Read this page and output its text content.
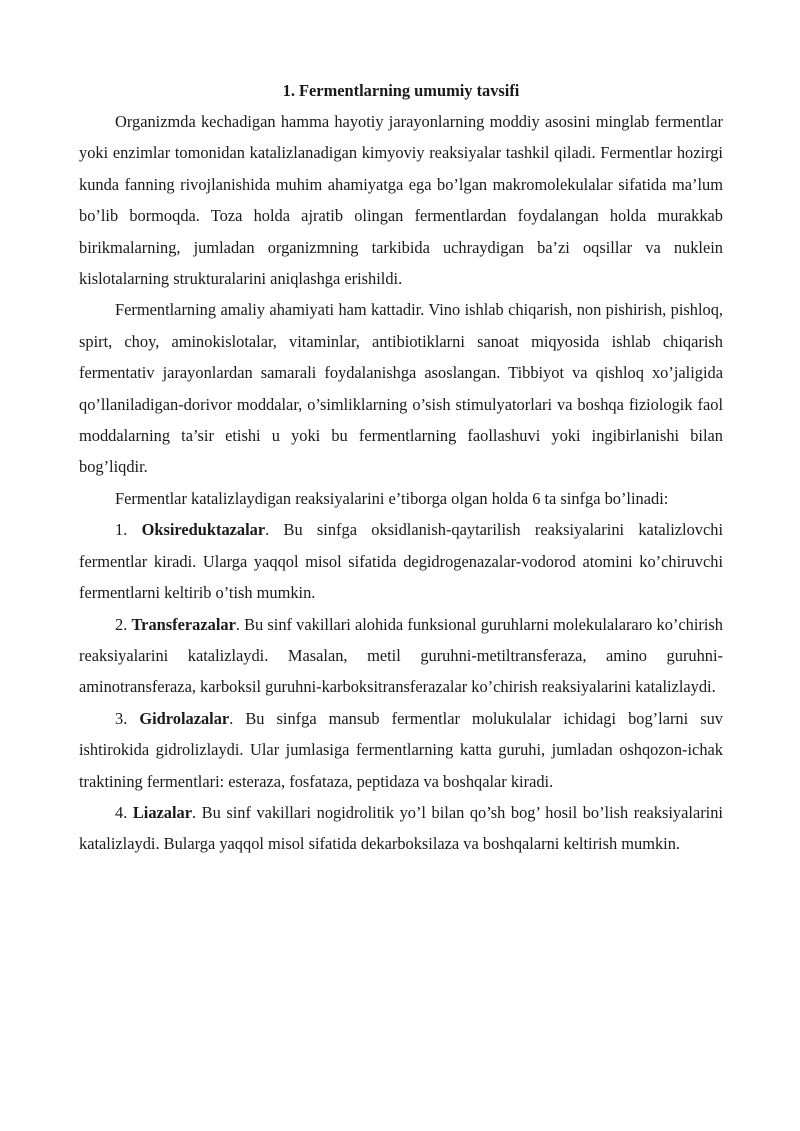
1. Fermentlarning umumiy tavsifi

Organizmda kechadigan hamma hayotiy jarayonlarning moddiy asosini minglab fermentlar yoki enzimlar tomonidan katalizlanadigan kimyoviy reaksiyalar tashkil qiladi. Fermentlar hozirgi kunda fanning rivojlanishida muhim ahamiyatga ega bo’lgan makromolekulalar sifatida ma’lum bo’lib bormoqda. Toza holda ajratib olingan fermentlardan foydalangan holda murakkab birikmalarning, jumladan organizmning tarkibida uchraydigan ba’zi oqsillar va nuklein kislotalarning strukturalarini aniqlashga erishildi.

Fermentlarning amaliy ahamiyati ham kattadir. Vino ishlab chiqarish, non pishirish, pishloq, spirt, choy, aminokislotalar, vitaminlar, antibiotiklarni sanoat miqyosida ishlab chiqarish fermentativ jarayonlardan samarali foydalanishga asoslangan. Tibbiyot va qishloq xo’jaligida qo’llaniladigan-dorivor moddalar, o’simliklarning o’sish stimulyatorlari va boshqa fiziologik faol moddalarning ta’sir etishi u yoki bu fermentlarning faollashuvi yoki ingibirlanishi bilan bog’liqdir.

Fermentlar katalizlaydigan reaksiyalarini e’tiborga olgan holda 6 ta sinfga bo’linadi:

1. Oksireduktazalar. Bu sinfga oksidlanish-qaytarilish reaksiyalarini katalizlovchi fermentlar kiradi. Ularga yaqqol misol sifatida degidrogenazalar-vodorod atomini ko’chiruvchi fermentlarni keltirib o’tish mumkin.

2. Transferazalar. Bu sinf vakillari alohida funksional guruhlarni molekulalararo ko’chirish reaksiyalarini katalizlaydi. Masalan, metil guruhni-metiltransferaza, amino guruhni-aminotransferaza, karboksil guruhni-karboksitransferazalar ko’chirish reaksiyalarini katalizlaydi.

3. Gidrolazalar. Bu sinfga mansub fermentlar molukulalar ichidagi bog’larni suv ishtirokida gidrolizlaydi. Ular jumlasiga fermentlarning katta guruhi, jumladan oshqozon-ichak traktining fermentlari: esteraza, fosfataza, peptidaza va boshqalar kiradi.

4. Liazalar. Bu sinf vakillari nogidrolitik yo’l bilan qo’sh bog’ hosil bo’lish reaksiyalarini katalizlaydi. Bularga yaqqol misol sifatida dekarboksilaza va boshqalarni keltirish mumkin.
